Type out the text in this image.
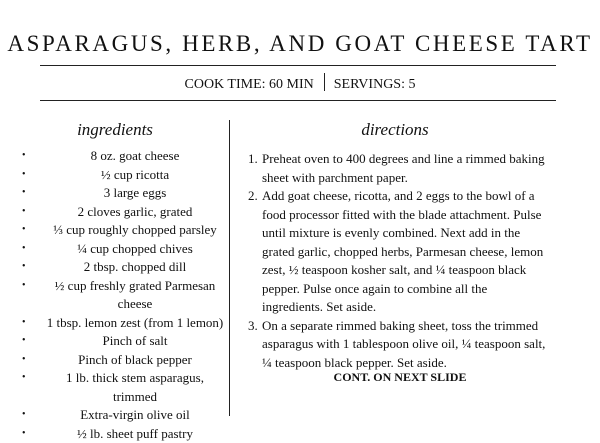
ASPARAGUS, HERB, AND GOAT CHEESE TART
COOK TIME: 60 MIN SERVINGS: 5
ingredients	directions
•	8 oz. goat cheese
•	½ cup ricotta
•	3 large eggs
•	2 cloves garlic, grated
• ⅓ cup roughly chopped parsley
•	¼ cup chopped chives
•	2 tbsp. chopped dill
• ½ cup freshly grated Parmesan cheese
• 1 tbsp. lemon zest (from 1 lemon)
•	Pinch of salt
•	Pinch of black pepper
•	1 lb. thick stem asparagus, trimmed
•	Extra-virgin olive oil
•	½ lb. sheet puff pastry
1. Preheat oven to 400 degrees and line a rimmed baking sheet with parchment paper.
2. Add goat cheese, ricotta, and 2 eggs to the bowl of a food processor fitted with the blade attachment. Pulse until mixture is evenly combined. Next add in the grated garlic, chopped herbs, Parmesan cheese, lemon zest, ½ teaspoon kosher salt, and ¼ teaspoon black pepper. Pulse once again to combine all the ingredients. Set aside.
3. On a separate rimmed baking sheet, toss the trimmed asparagus with 1 tablespoon olive oil, ¼ teaspoon salt, ¼ teaspoon black pepper. Set aside.
CONT. ON NEXT SLIDE
